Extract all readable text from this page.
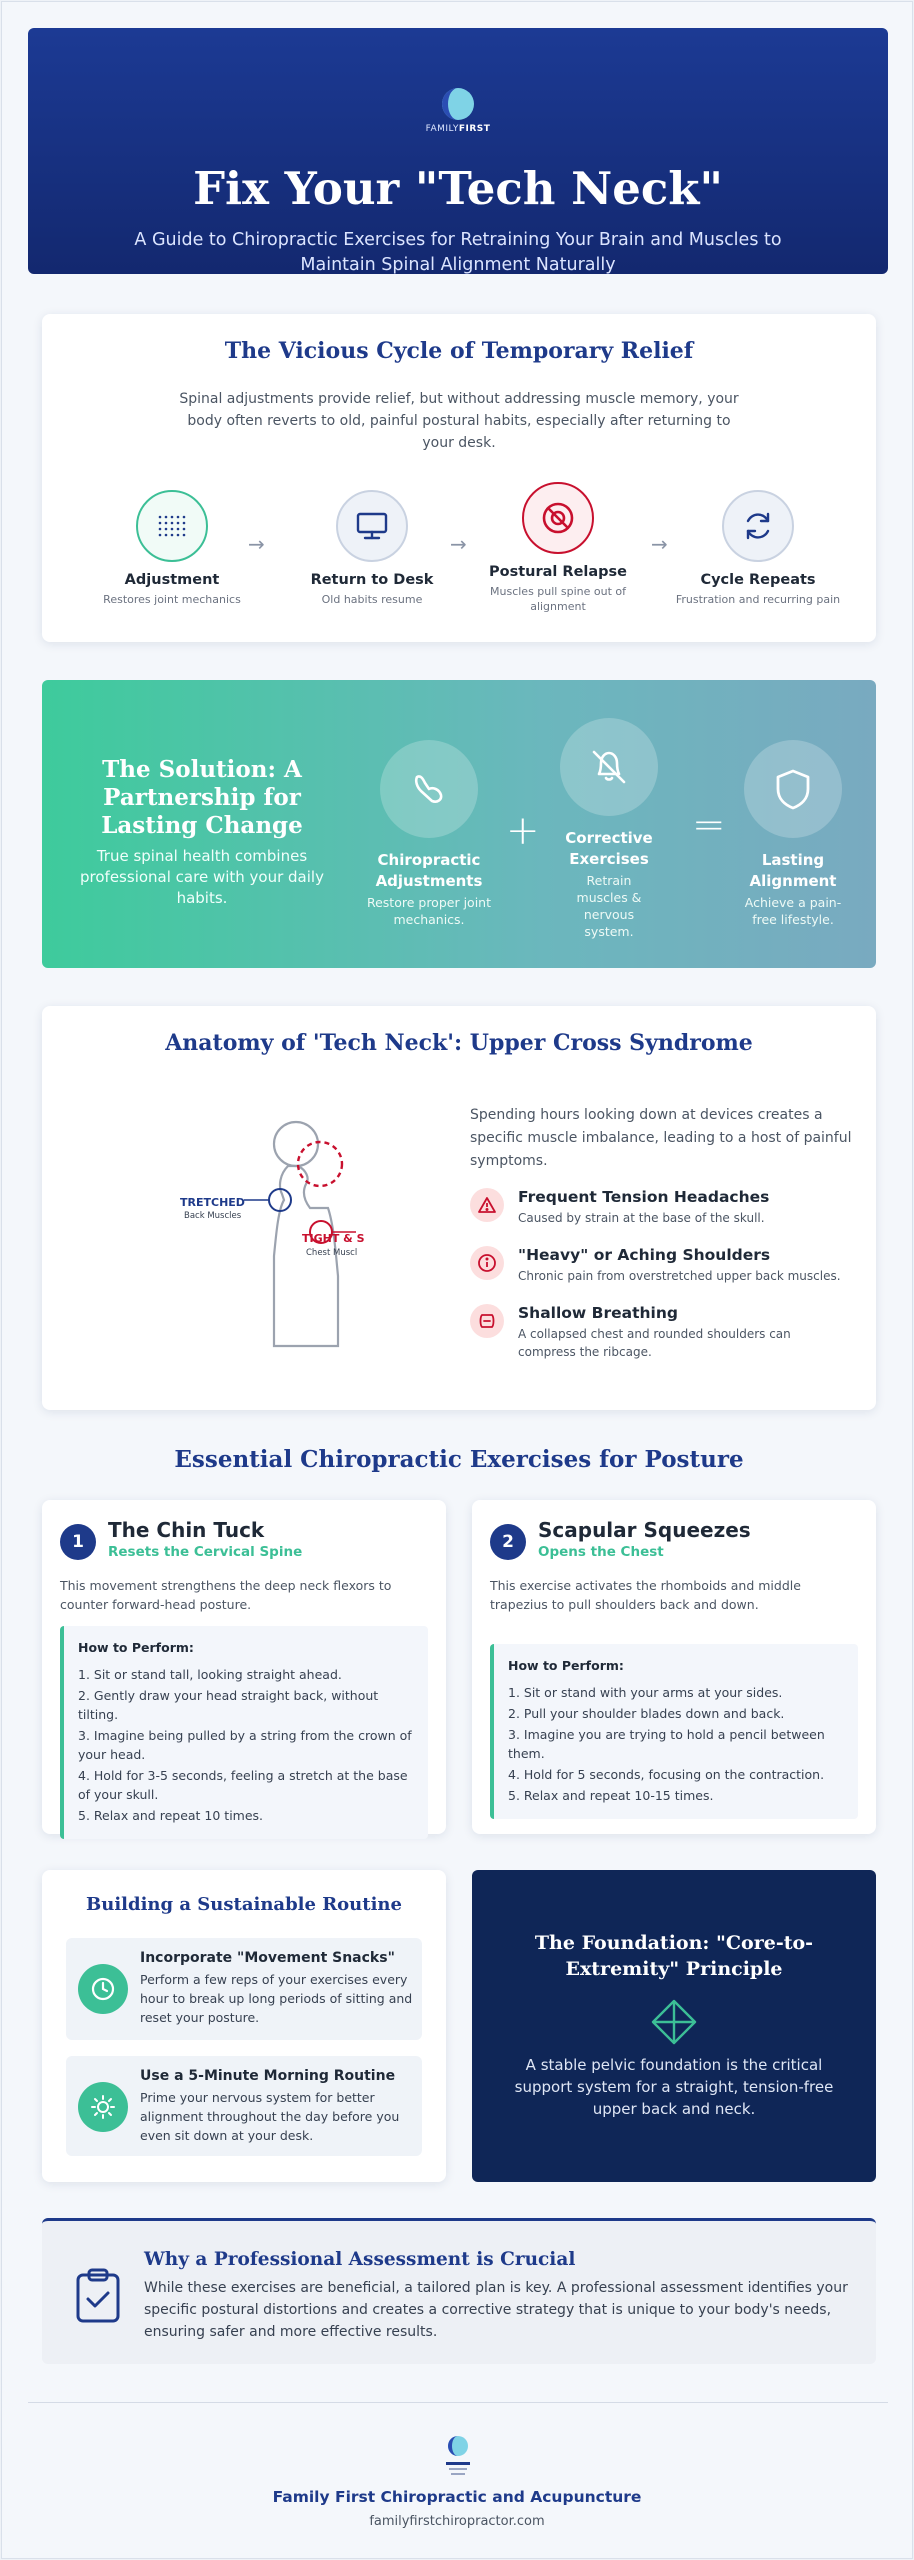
FAMILYFIRST
Fix Your "Tech Neck"

A Guide to Chiropractic Exercises for Retraining Your Brain and Muscles to Maintain Spinal Alignment Naturally

The Vicious Cycle of Temporary Relief

Spinal adjustments provide relief, but without addressing muscle memory, your body often reverts to old, painful postural habits, especially after returning to your desk.

Adjustment
Restores joint mechanics
Return to Desk
Old habits resume
Postural Relapse
Muscles pull spine out of alignment
Cycle Repeats
Frustration and recurring pain
→	→	→
The Solution: A Partnership for Lasting Change

True spinal health combines professional care with your daily habits.

Chiropractic Adjustments
Restore proper joint mechanics.
+ Corrective Exercises
Retrain muscles & nervous system.
=
Lasting Alignment
Achieve a pain-free lifestyle.
Anatomy of 'Tech Neck': Upper Cross Syndrome
TRETCHED
Back Muscles
TIGHT & S
Chest Muscl

Spending hours looking down at devices creates a specific muscle imbalance, leading to a host of painful symptoms.

Frequent Tension Headaches
Caused by strain at the base of the skull.
"Heavy" or Aching Shoulders
Chronic pain from overstretched upper back muscles.
Shallow Breathing
A collapsed chest and rounded shoulders can compress the ribcage.
Essential Chiropractic Exercises for Posture
1	The Chin Tuck
Resets the Cervical Spine

This movement strengthens the deep neck flexors to counter forward-head posture.

How to Perform:
1. Sit or stand tall, looking straight ahead.
2. Gently draw your head straight back, without tilting.
3. Imagine being pulled by a string from the crown of your head.
4. Hold for 3-5 seconds, feeling a stretch at the base of your skull.
5. Relax and repeat 10 times.
2	Scapular Squeezes
Opens the Chest

This exercise activates the rhomboids and middle trapezius to pull shoulders back and down.

How to Perform:
1. Sit or stand with your arms at your sides.
2. Pull your shoulder blades down and back.
3. Imagine you are trying to hold a pencil between them.
4. Hold for 5 seconds, focusing on the contraction.
5. Relax and repeat 10-15 times.
Building a Sustainable Routine
Incorporate "Movement Snacks"
Perform a few reps of your exercises every hour to break up long periods of sitting and reset your posture.
Use a 5-Minute Morning Routine
Prime your nervous system for better alignment throughout the day before you even sit down at your desk.
The Foundation: "Core-to-Extremity" Principle

A stable pelvic foundation is the critical support system for a straight, tension-free upper back and neck.

Why a Professional Assessment is Crucial

While these exercises are beneficial, a tailored plan is key. A professional assessment identifies your specific postural distortions and creates a corrective strategy that is unique to your body's needs, ensuring safer and more effective results.

Family First Chiropractic and Acupuncture
familyfirstchiropractor.com
